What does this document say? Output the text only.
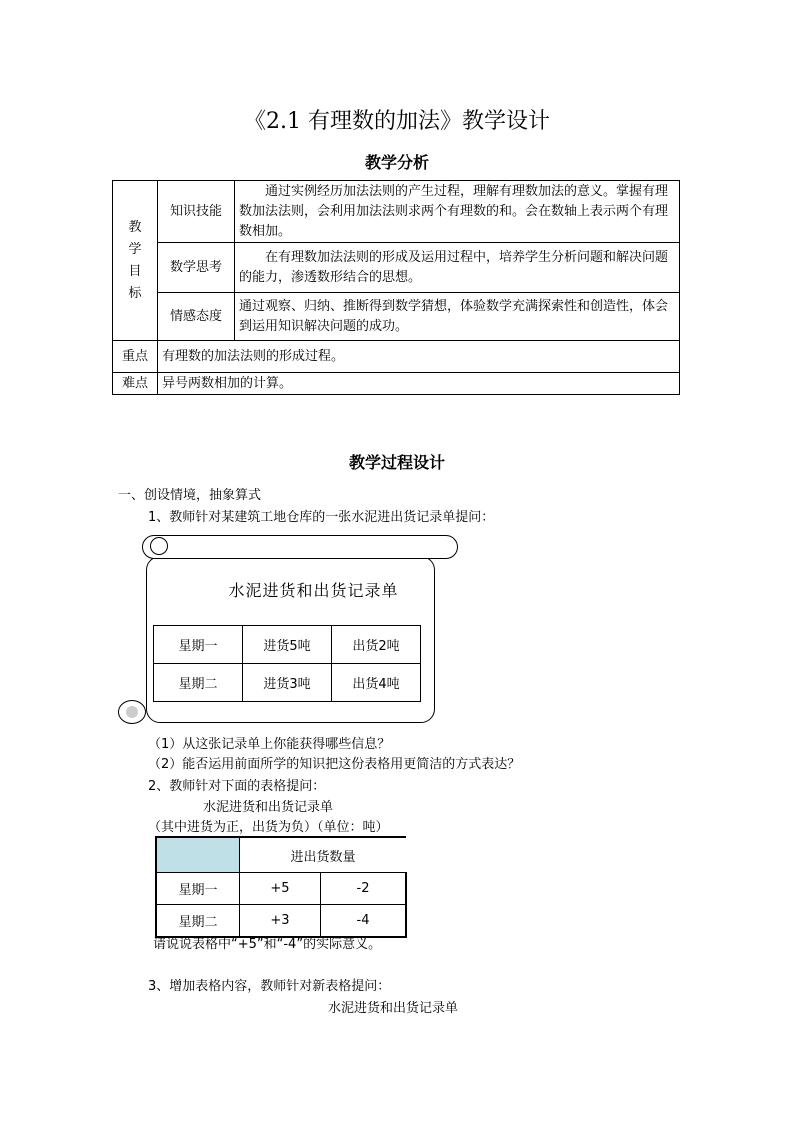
《2.1 有理数的加法》教学设计
教学分析
教
学
目
标	知识技能	通过实例经历加法法则的产生过程，理解有理数加法的意义。掌握有理数加法法则，会利用加法法则求两个有理数的和。会在数轴上表示两个有理数相加。
	数学思考	在有理数加法法则的形成及运用过程中，培养学生分析问题和解决问题的能力，渗透数形结合的思想。
	情感态度	通过观察、归纳、推断得到数学猜想，体验数学充满探索性和创造性，体会到运用知识解决问题的成功。
重点	有理数的加法法则的形成过程。	
难点	异号两数相加的计算。	
教学过程设计
一、创设情境，抽象算式
1、教师针对某建筑工地仓库的一张水泥进出货记录单提问：
水泥进货和出货记录单
星期一	进货5吨	出货2吨
星期二	进货3吨	出货4吨
（1）从这张记录单上你能获得哪些信息？
（2）能否运用前面所学的知识把这份表格用更简洁的方式表达？
2、教师针对下面的表格提问：
水泥进货和出货记录单
（其中进货为正，出货为负）（单位：吨）
	进出货数量	
星期一	+5	-2
星期二	+3	-4
请说说表格中“+5”和“-4”的实际意义。
3、增加表格内容，教师针对新表格提问：
水泥进货和出货记录单
